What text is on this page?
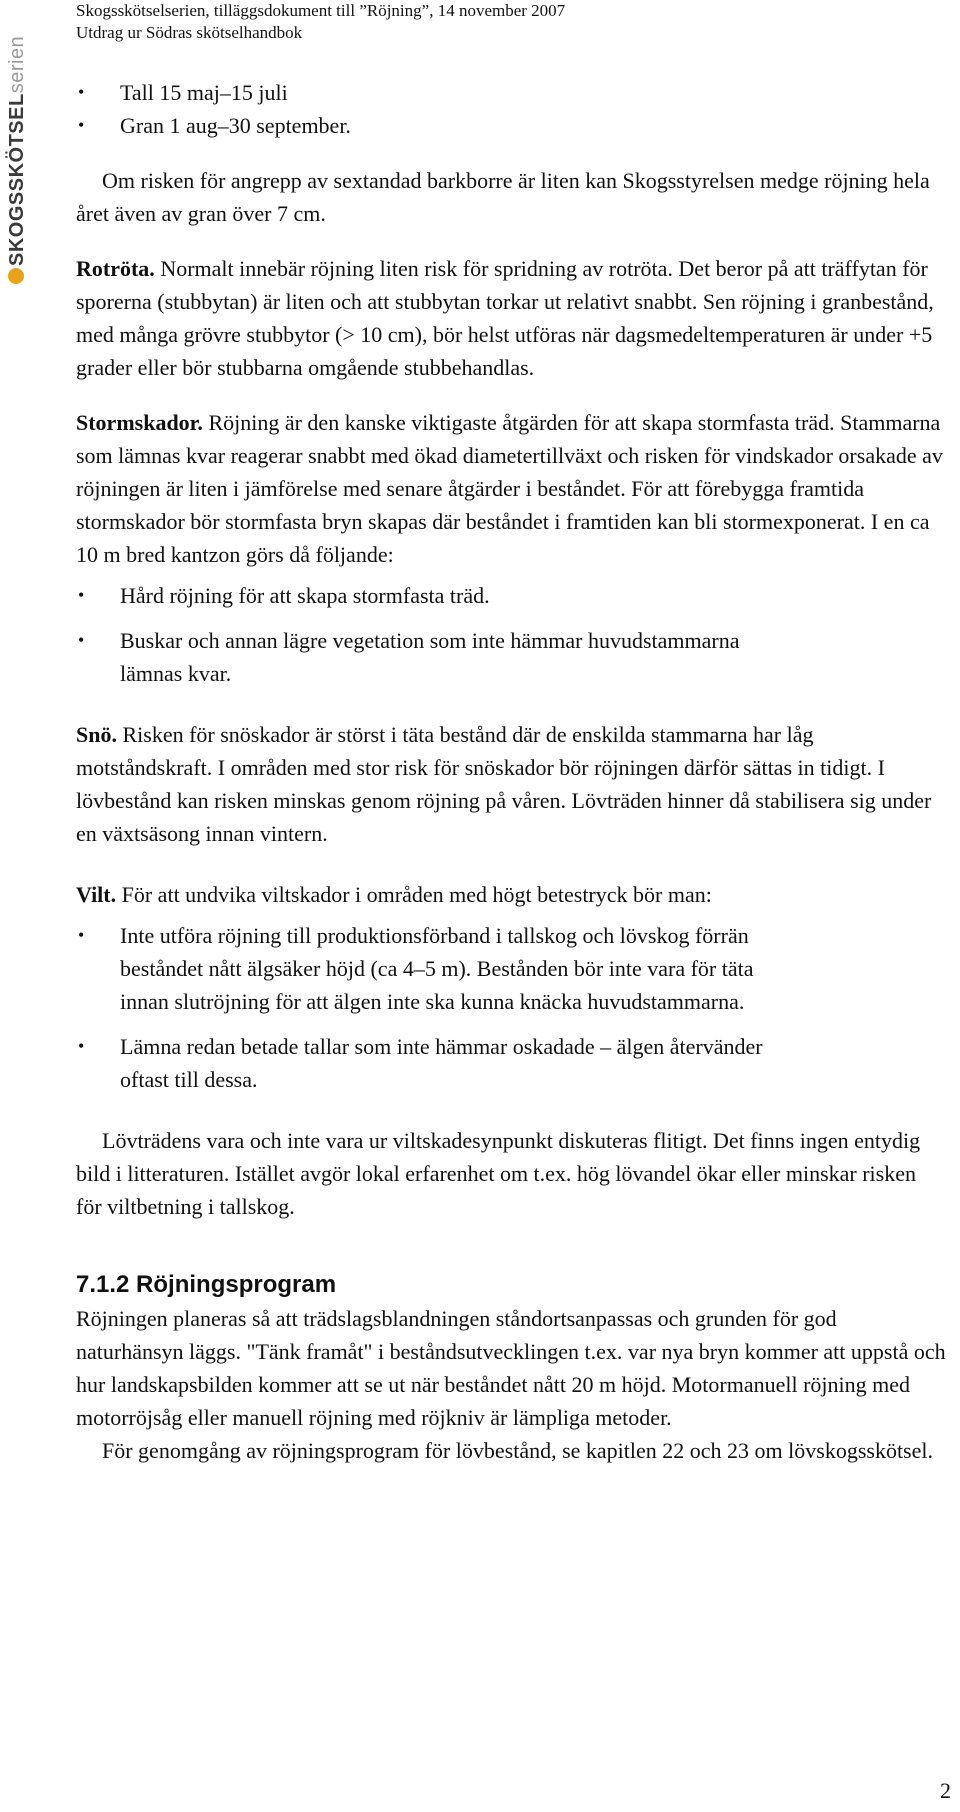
Skogsskötselserien, tilläggsdokument till ”Röjning”, 14 november 2007
Utdrag ur Södras skötselhandbok
SKOGSSKÖTSELserien	• Tall 15 maj–15 juli
• Gran 1 aug–30 september.

Om risken för angrepp av sextandad barkborre är liten kan Skogsstyrelsen medge röjning hela året även av gran över 7 cm.

Rotröta. Normalt innebär röjning liten risk för spridning av rotröta. Det beror på att träffytan för sporerna (stubbytan) är liten och att stubbytan torkar ut relativt snabbt. Sen röjning i granbestånd, med många grövre stubbytor (> 10 cm), bör helst utföras när dagsmedeltemperaturen är under +5 grader eller bör stubbarna omgående stubbehandlas.

Stormskador. Röjning är den kanske viktigaste åtgärden för att skapa stormfasta träd. Stammarna som lämnas kvar reagerar snabbt med ökad diametertillväxt och risken för vindskador orsakade av röjningen är liten i jämförelse med senare åtgärder i beståndet. För att förebygga framtida stormskador bör stormfasta bryn skapas där beståndet i framtiden kan bli stormexponerat. I en ca 10 m bred kantzon görs då följande:

• Hård röjning för att skapa stormfasta träd.
• Buskar och annan lägre vegetation som inte hämmar huvudstammarna lämnas kvar.

Snö. Risken för snöskador är störst i täta bestånd där de enskilda stammarna har låg motståndskraft. I områden med stor risk för snöskador bör röjningen därför sättas in tidigt. I lövbestånd kan risken minskas genom röjning på våren. Lövträden hinner då stabilisera sig under en växtsäsong innan vintern.

Vilt. För att undvika viltskador i områden med högt betestryck bör man:

• Inte utföra röjning till produktionsförband i tallskog och lövskog förrän beståndet nått älgsäker höjd (ca 4–5 m). Bestånden bör inte vara för täta innan slutröjning för att älgen inte ska kunna knäcka huvudstammarna.
• Lämna redan betade tallar som inte hämmar oskadade – älgen återvänder oftast till dessa.

Lövträdens vara och inte vara ur viltskadesynpunkt diskuteras flitigt. Det finns ingen entydig bild i litteraturen. Istället avgör lokal erfarenhet om t.ex. hög lövandel ökar eller minskar risken för viltbetning i tallskog.

7.1.2 Röjningsprogram

Röjningen planeras så att trädslagsblandningen ståndortsanpassas och grunden för god naturhänsyn läggs. "Tänk framåt" i beståndsutvecklingen t.ex. var nya bryn kommer att uppstå och hur landskapsbilden kommer att se ut när beståndet nått 20 m höjd. Motormanuell röjning med motorröjsåg eller manuell röjning med röjkniv är lämpliga metoder.

För genomgång av röjningsprogram för lövbestånd, se kapitlen 22 och 23 om lövskogsskötsel.

2
